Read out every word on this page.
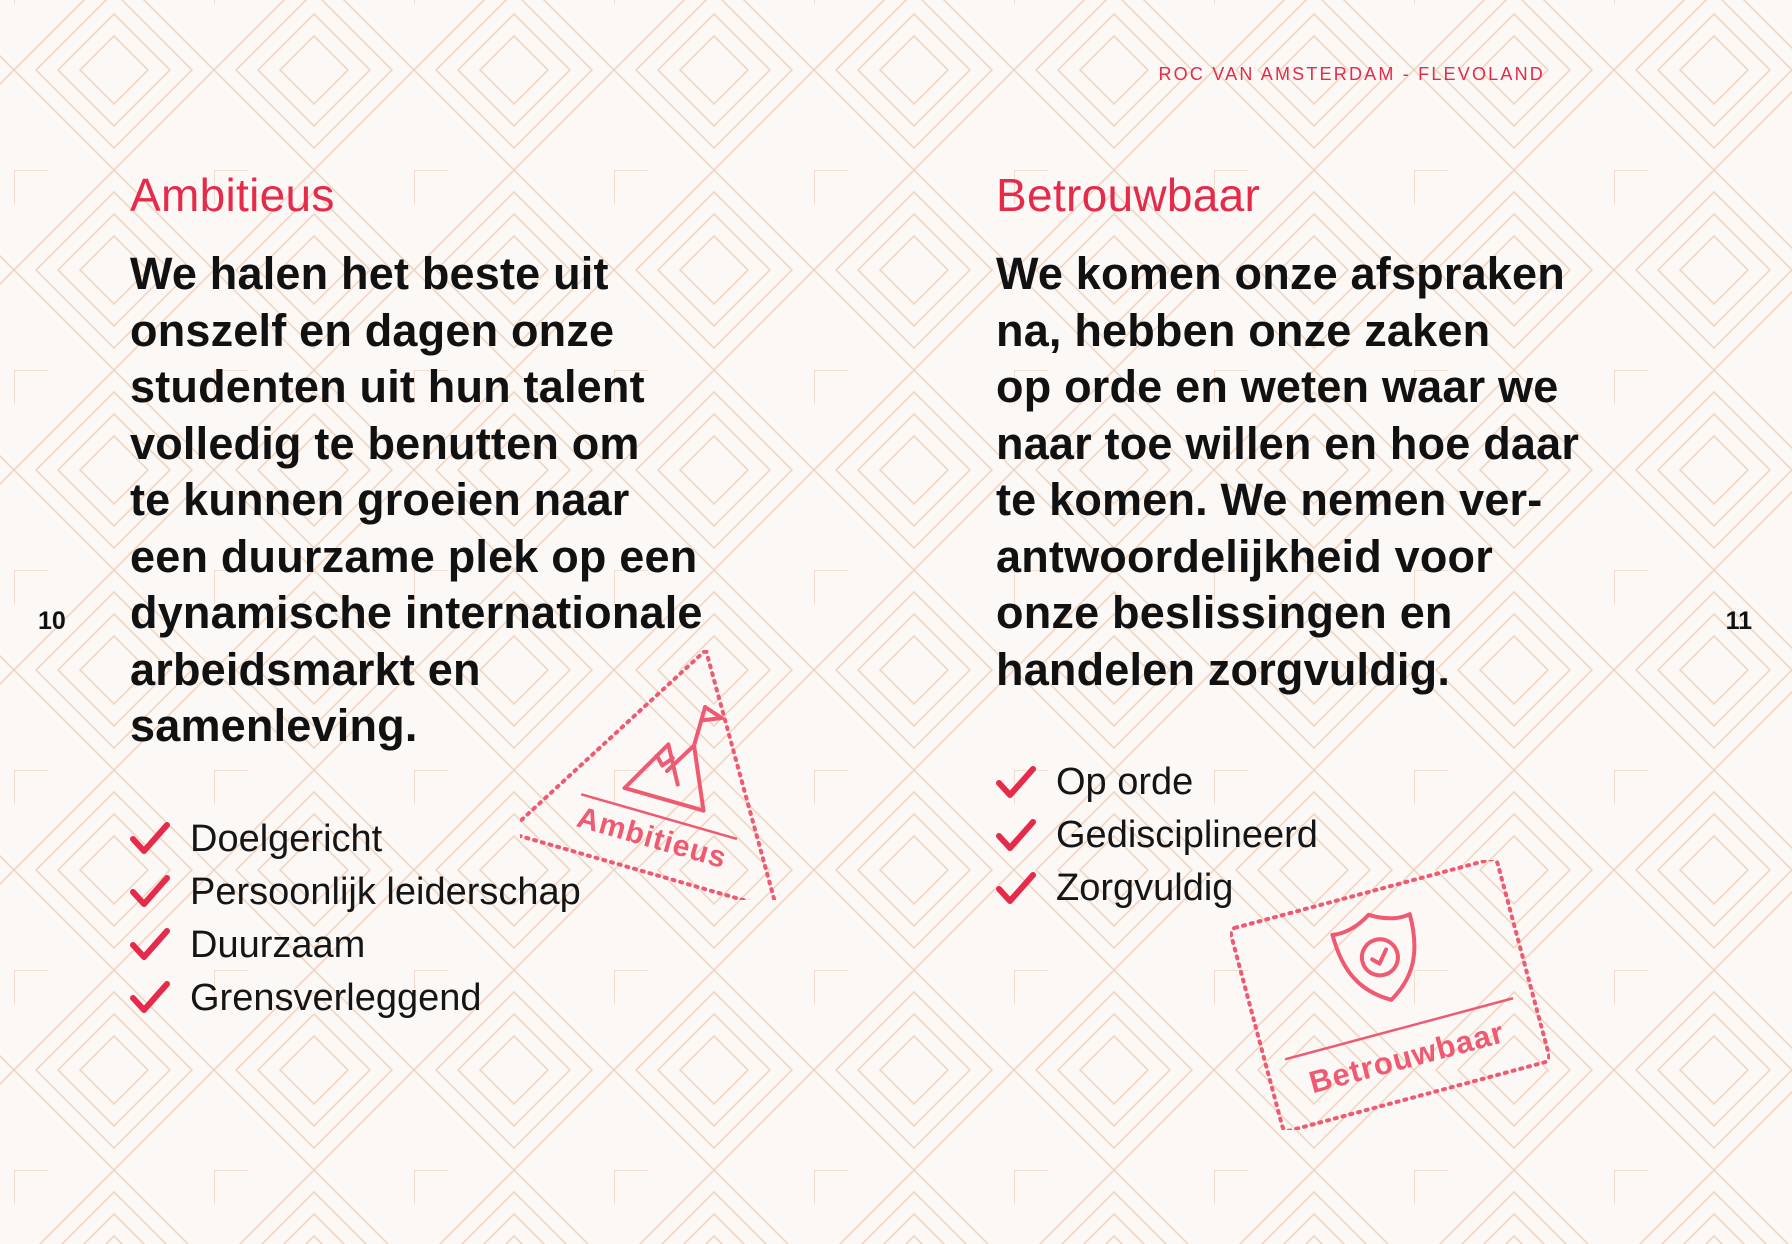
ROC VAN AMSTERDAM - FLEVOLAND
10	11
Ambitieus
We halen het beste uit
onszelf en dagen onze
studenten uit hun talent
volledig te benutten om
te kunnen groeien naar
een duurzame plek op een
dynamische internationale
arbeidsmarkt en
samenleving.
Doelgericht
Persoonlijk leiderschap
Duurzaam
Grensverleggend
Ambitieus
Betrouwbaar
We komen onze afspraken
na, hebben onze zaken
op orde en weten waar we
naar toe willen en hoe daar
te komen. We nemen ver-
antwoordelijkheid voor
onze beslissingen en
handelen zorgvuldig.
Op orde
Gedisciplineerd
Zorgvuldig
Betrouwbaar
